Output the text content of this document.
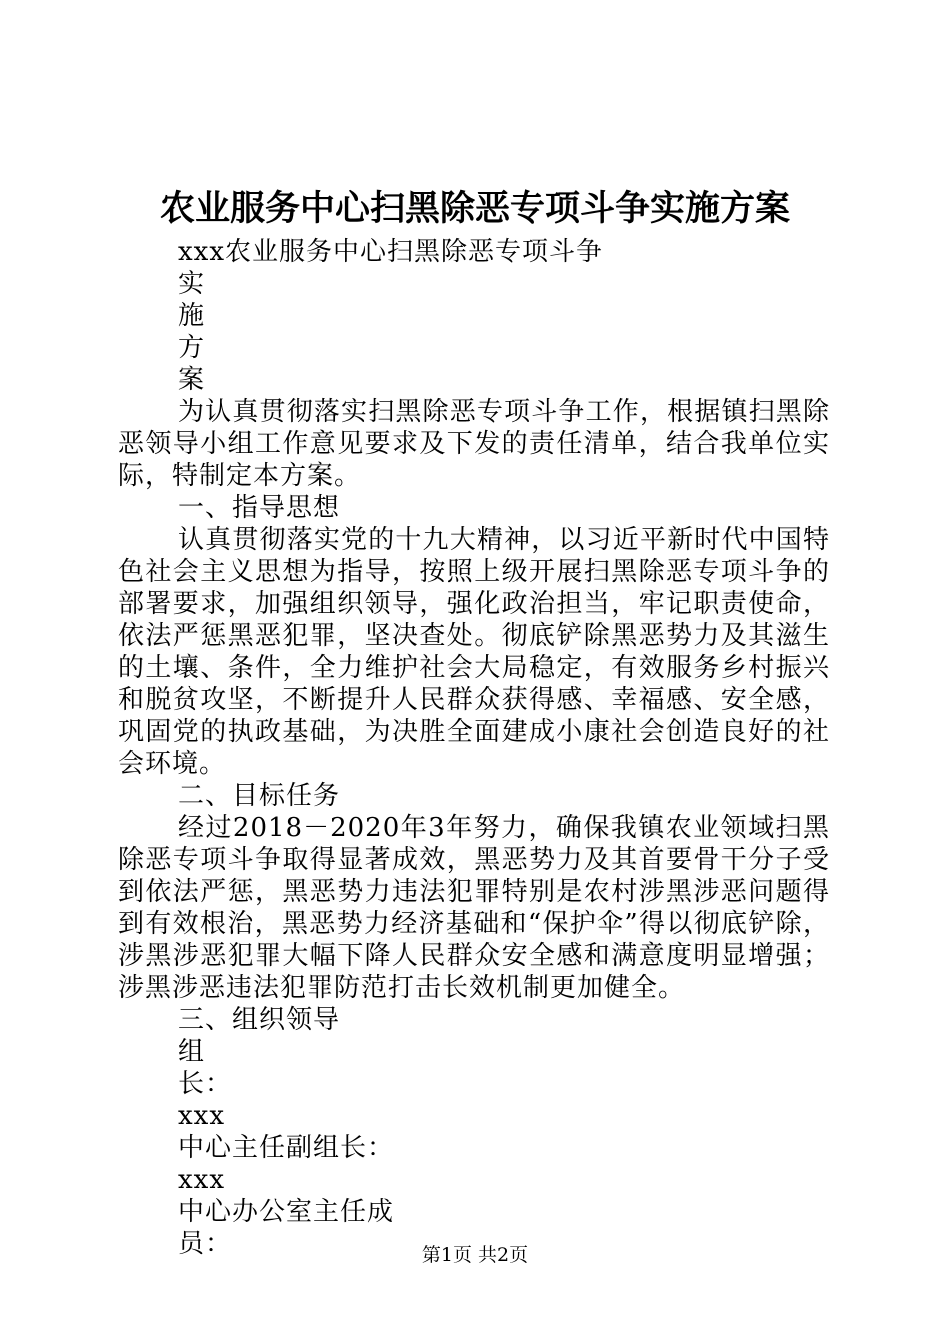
农业服务中心扫黑除恶专项斗争实施方案
xxx农业服务中心扫黑除恶专项斗争
实
施
方
案
为认真贯彻落实扫黑除恶专项斗争工作，根据镇扫黑除恶领导小组工作意见要求及下发的责任清单，结合我单位实际，特制定本方案。
一、指导思想
认真贯彻落实党的十九大精神，以习近平新时代中国特色社会主义思想为指导，按照上级开展扫黑除恶专项斗争的部署要求，加强组织领导，强化政治担当，牢记职责使命，依法严惩黑恶犯罪，坚决查处。彻底铲除黑恶势力及其滋生的土壤、条件，全力维护社会大局稳定，有效服务乡村振兴和脱贫攻坚，不断提升人民群众获得感、幸福感、安全感，巩固党的执政基础，为决胜全面建成小康社会创造良好的社会环境。
二、目标任务
经过2018－2020年3年努力，确保我镇农业领域扫黑除恶专项斗争取得显著成效，黑恶势力及其首要骨干分子受到依法严惩，黑恶势力违法犯罪特别是农村涉黑涉恶问题得到有效根治，黑恶势力经济基础和“保护伞”得以彻底铲除，涉黑涉恶犯罪大幅下降人民群众安全感和满意度明显增强；涉黑涉恶违法犯罪防范打击长效机制更加健全。
三、组织领导
组
长：
xxx
中心主任副组长：
xxx
中心办公室主任成
员：	第1页 共2页
